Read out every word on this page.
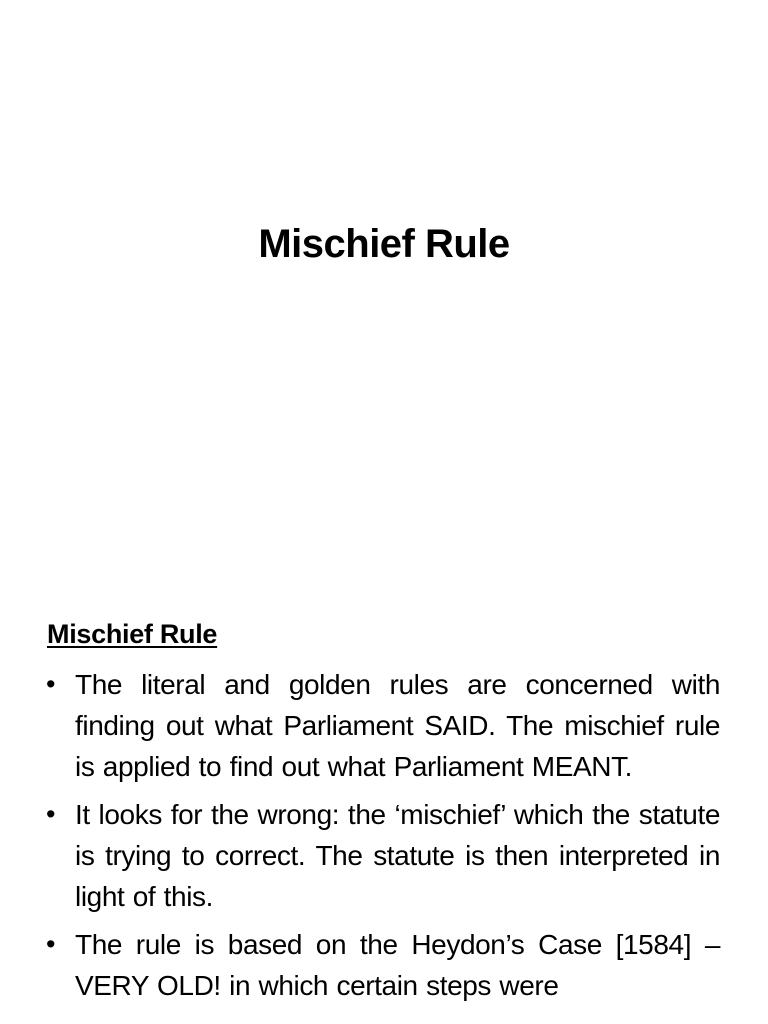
Mischief Rule
Mischief Rule
• The literal and golden rules are concerned with finding out what Parliament SAID. The mischief rule is applied to find out what Parliament MEANT.
• It looks for the wrong: the ‘mischief’ which the statute is trying to correct. The statute is then interpreted in light of this.
• The rule is based on the Heydon’s Case [1584] – VERY OLD! in which certain steps were
